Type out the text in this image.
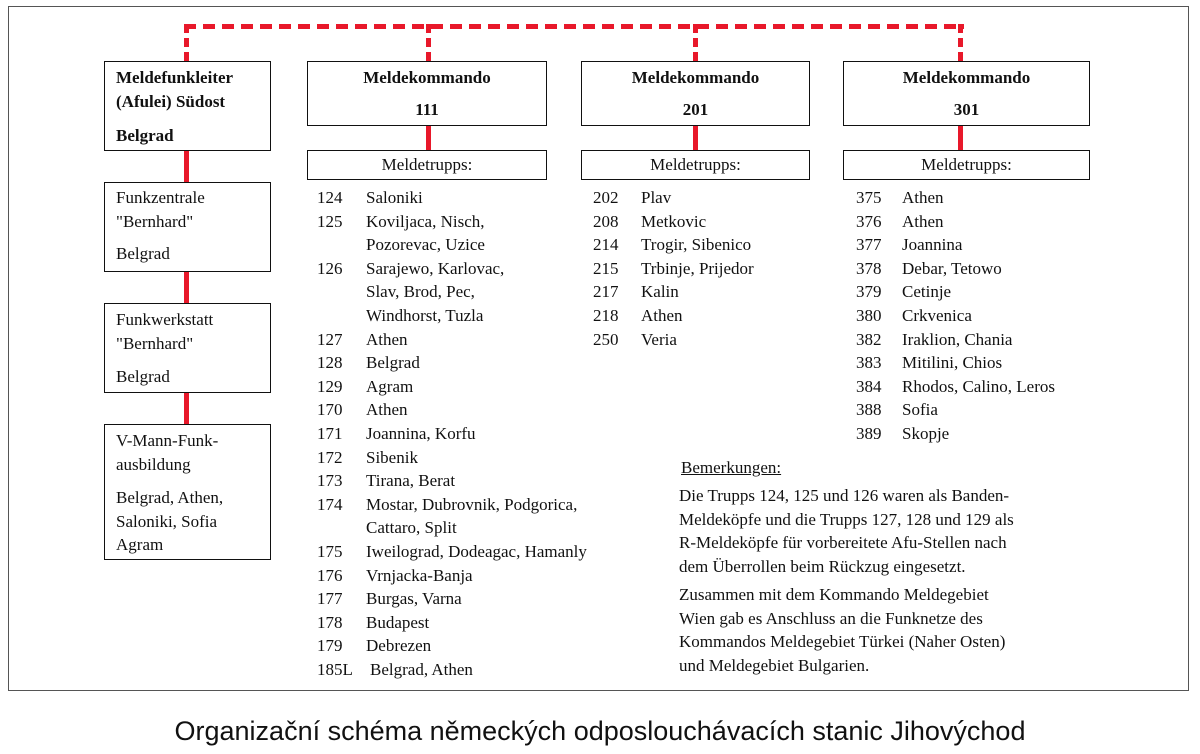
Meldefunkleiter
(Afulei) Südost
Belgrad
Funkzentrale
"Bernhard"
Belgrad
Funkwerkstatt
"Bernhard"
Belgrad
V-Mann-Funk-
ausbildung
Belgrad, Athen,
Saloniki, Sofia
Agram
Meldekommando
111
Meldekommando
201
Meldekommando
301
Meldetrupps:	Meldetrupps:	Meldetrupps:
124 Saloniki
125 Koviljaca, Nisch,
Pozorevac, Uzice
126 Sarajewo, Karlovac,
Slav, Brod, Pec,
Windhorst, Tuzla
127 Athen
128 Belgrad
129 Agram
170 Athen
171 Joannina, Korfu
172 Sibenik
173 Tirana, Berat
174 Mostar, Dubrovnik, Podgorica,
Cattaro, Split
175 Iweilograd, Dodeagac, Hamanly
176 Vrnjacka-Banja
177 Burgas, Varna
178 Budapest
179 Debrezen
185L Belgrad, Athen
202 Plav
208 Metkovic
214 Trogir, Sibenico
215 Trbinje, Prijedor
217 Kalin
218 Athen
250 Veria
375 Athen
376 Athen
377 Joannina
378 Debar, Tetowo
379 Cetinje
380 Crkvenica
382 Iraklion, Chania
383 Mitilini, Chios
384 Rhodos, Calino, Leros
388 Sofia
389 Skopje
Bemerkungen:
Die Trupps 124, 125 und 126 waren als Banden-
Meldeköpfe und die Trupps 127, 128 und 129 als
R-Meldeköpfe für vorbereitete Afu-Stellen nach
dem Überrollen beim Rückzug eingesetzt.
Zusammen mit dem Kommando Meldegebiet
Wien gab es Anschluss an die Funknetze des
Kommandos Meldegebiet Türkei (Naher Osten)
und Meldegebiet Bulgarien.
Organizační schéma německých odposlouchávacích stanic Jihovýchod
